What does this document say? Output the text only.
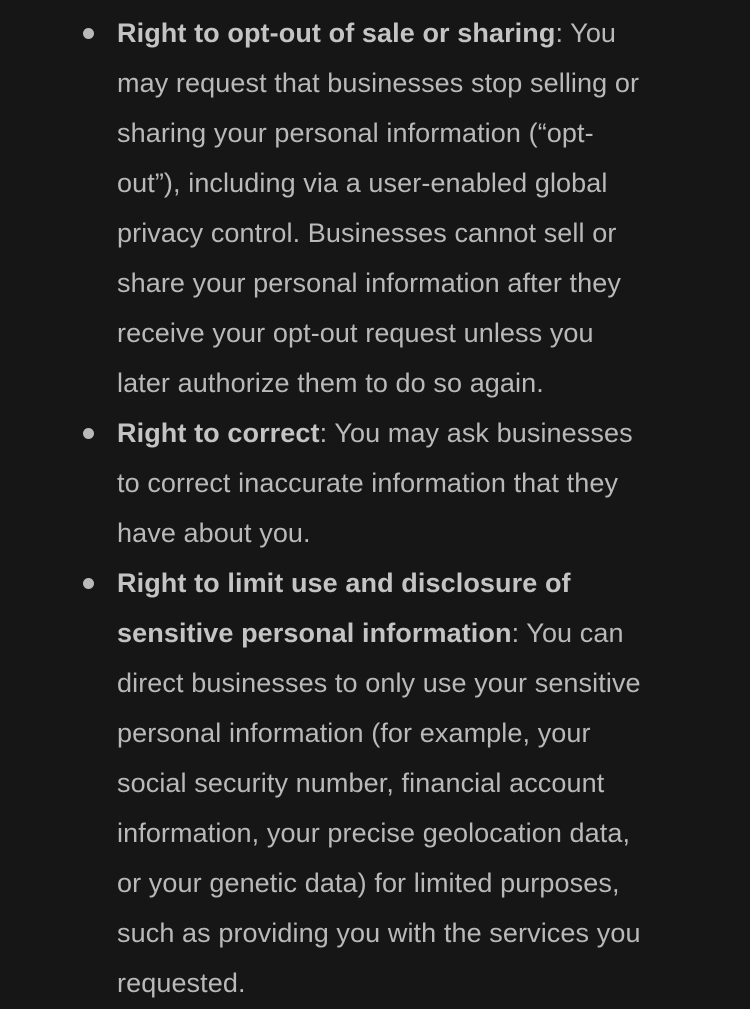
Right to opt-out of sale or sharing: You
may request that businesses stop selling or
sharing your personal information (“opt-
out”), including via a user-enabled global
privacy control. Businesses cannot sell or
share your personal information after they
receive your opt-out request unless you
later authorize them to do so again.
Right to correct: You may ask businesses
to correct inaccurate information that they
have about you.
Right to limit use and disclosure of
sensitive personal information: You can
direct businesses to only use your sensitive
personal information (for example, your
social security number, financial account
information, your precise geolocation data,
or your genetic data) for limited purposes,
such as providing you with the services you
requested.
